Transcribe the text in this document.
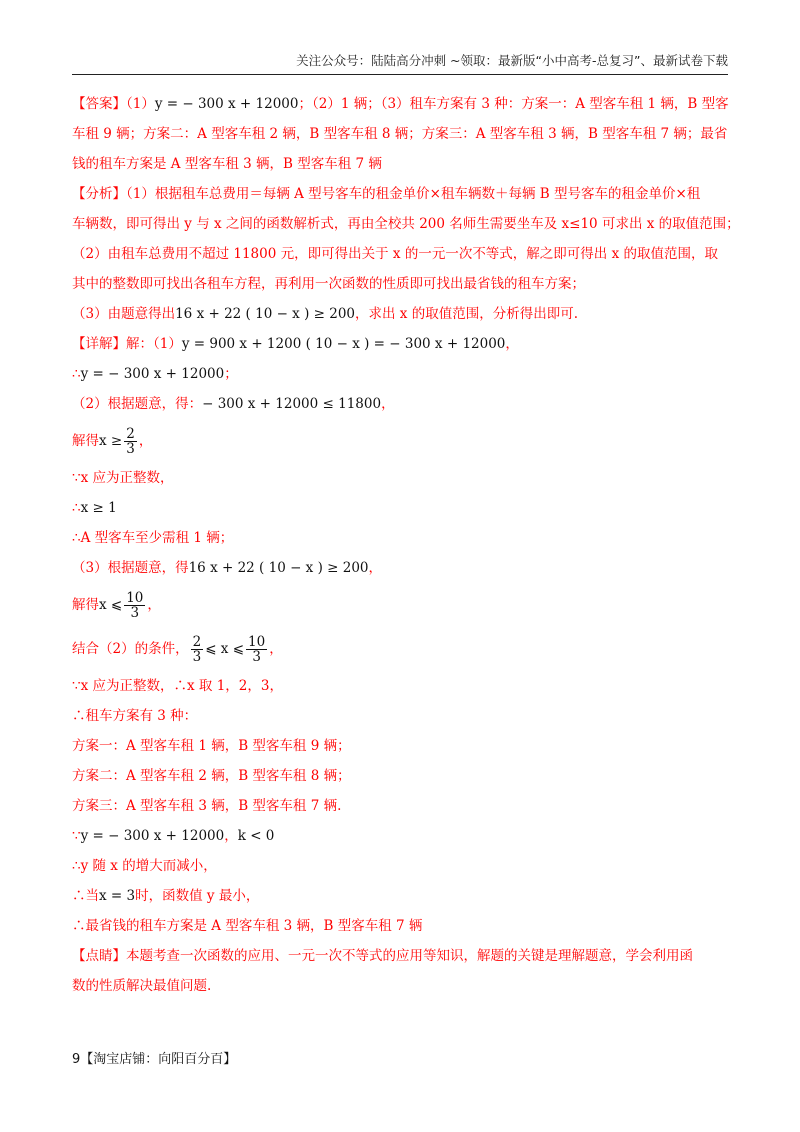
关注公众号：陆陆高分冲刺 ~领取：最新版“小中高考-总复习”、最新试卷下载
【答案】（1）y = − 300 x + 12000；（2）1 辆；（3）租车方案有 3 种：方案一：A 型客车租 1 辆，B 型客
车租 9 辆；方案二：A 型客车租 2 辆，B 型客车租 8 辆；方案三：A 型客车租 3 辆，B 型客车租 7 辆；最省
钱的租车方案是 A 型客车租 3 辆，B 型客车租 7 辆
【分析】（1）根据租车总费用＝每辆 A 型号客车的租金单价×租车辆数＋每辆 B 型号客车的租金单价×租
车辆数，即可得出 y 与 x 之间的函数解析式，再由全校共 200 名师生需要坐车及 x≤10 可求出 x 的取值范围；
（2）由租车总费用不超过 11800 元，即可得出关于 x 的一元一次不等式，解之即可得出 x 的取值范围，取
其中的整数即可找出各租车方程，再利用一次函数的性质即可找出最省钱的租车方案；
（3）由题意得出16 x + 22 ( 10 − x ) ≥ 200，求出 x 的取值范围，分析得出即可.
【详解】解：（1）y = 900 x + 1200 ( 10 − x ) = − 300 x + 12000，
∴y = − 300 x + 12000；
（2）根据题意，得：− 300 x + 12000 ≤ 11800，
解得$x \ge \frac{2}{3}$ ，
∵x 应为正整数，
∴x ≥ 1
∴A 型客车至少需租 1 辆；
（3）根据题意，得16 x + 22 ( 10 − x ) ≥ 200，
解得x ⩽ $\frac{10}{3}$ ，
结合（2）的条件， $\frac{2}{3}$ ⩽ x ⩽ $\frac{10}{3}$ ，
∵x 应为正整数，∴x 取 1，2，3，
∴租车方案有 3 种：
方案一：A 型客车租 1 辆，B 型客车租 9 辆；
方案二：A 型客车租 2 辆，B 型客车租 8 辆；
方案三：A 型客车租 3 辆，B 型客车租 7 辆.
∵y = − 300 x + 12000，k < 0
∴y 随 x 的增大而减小，
∴当x = 3时，函数值 y 最小，
∴最省钱的租车方案是 A 型客车租 3 辆，B 型客车租 7 辆
【点睛】本题考查一次函数的应用、一元一次不等式的应用等知识，解题的关键是理解题意，学会利用函
数的性质解决最值问题.
9【淘宝店铺：向阳百分百】
